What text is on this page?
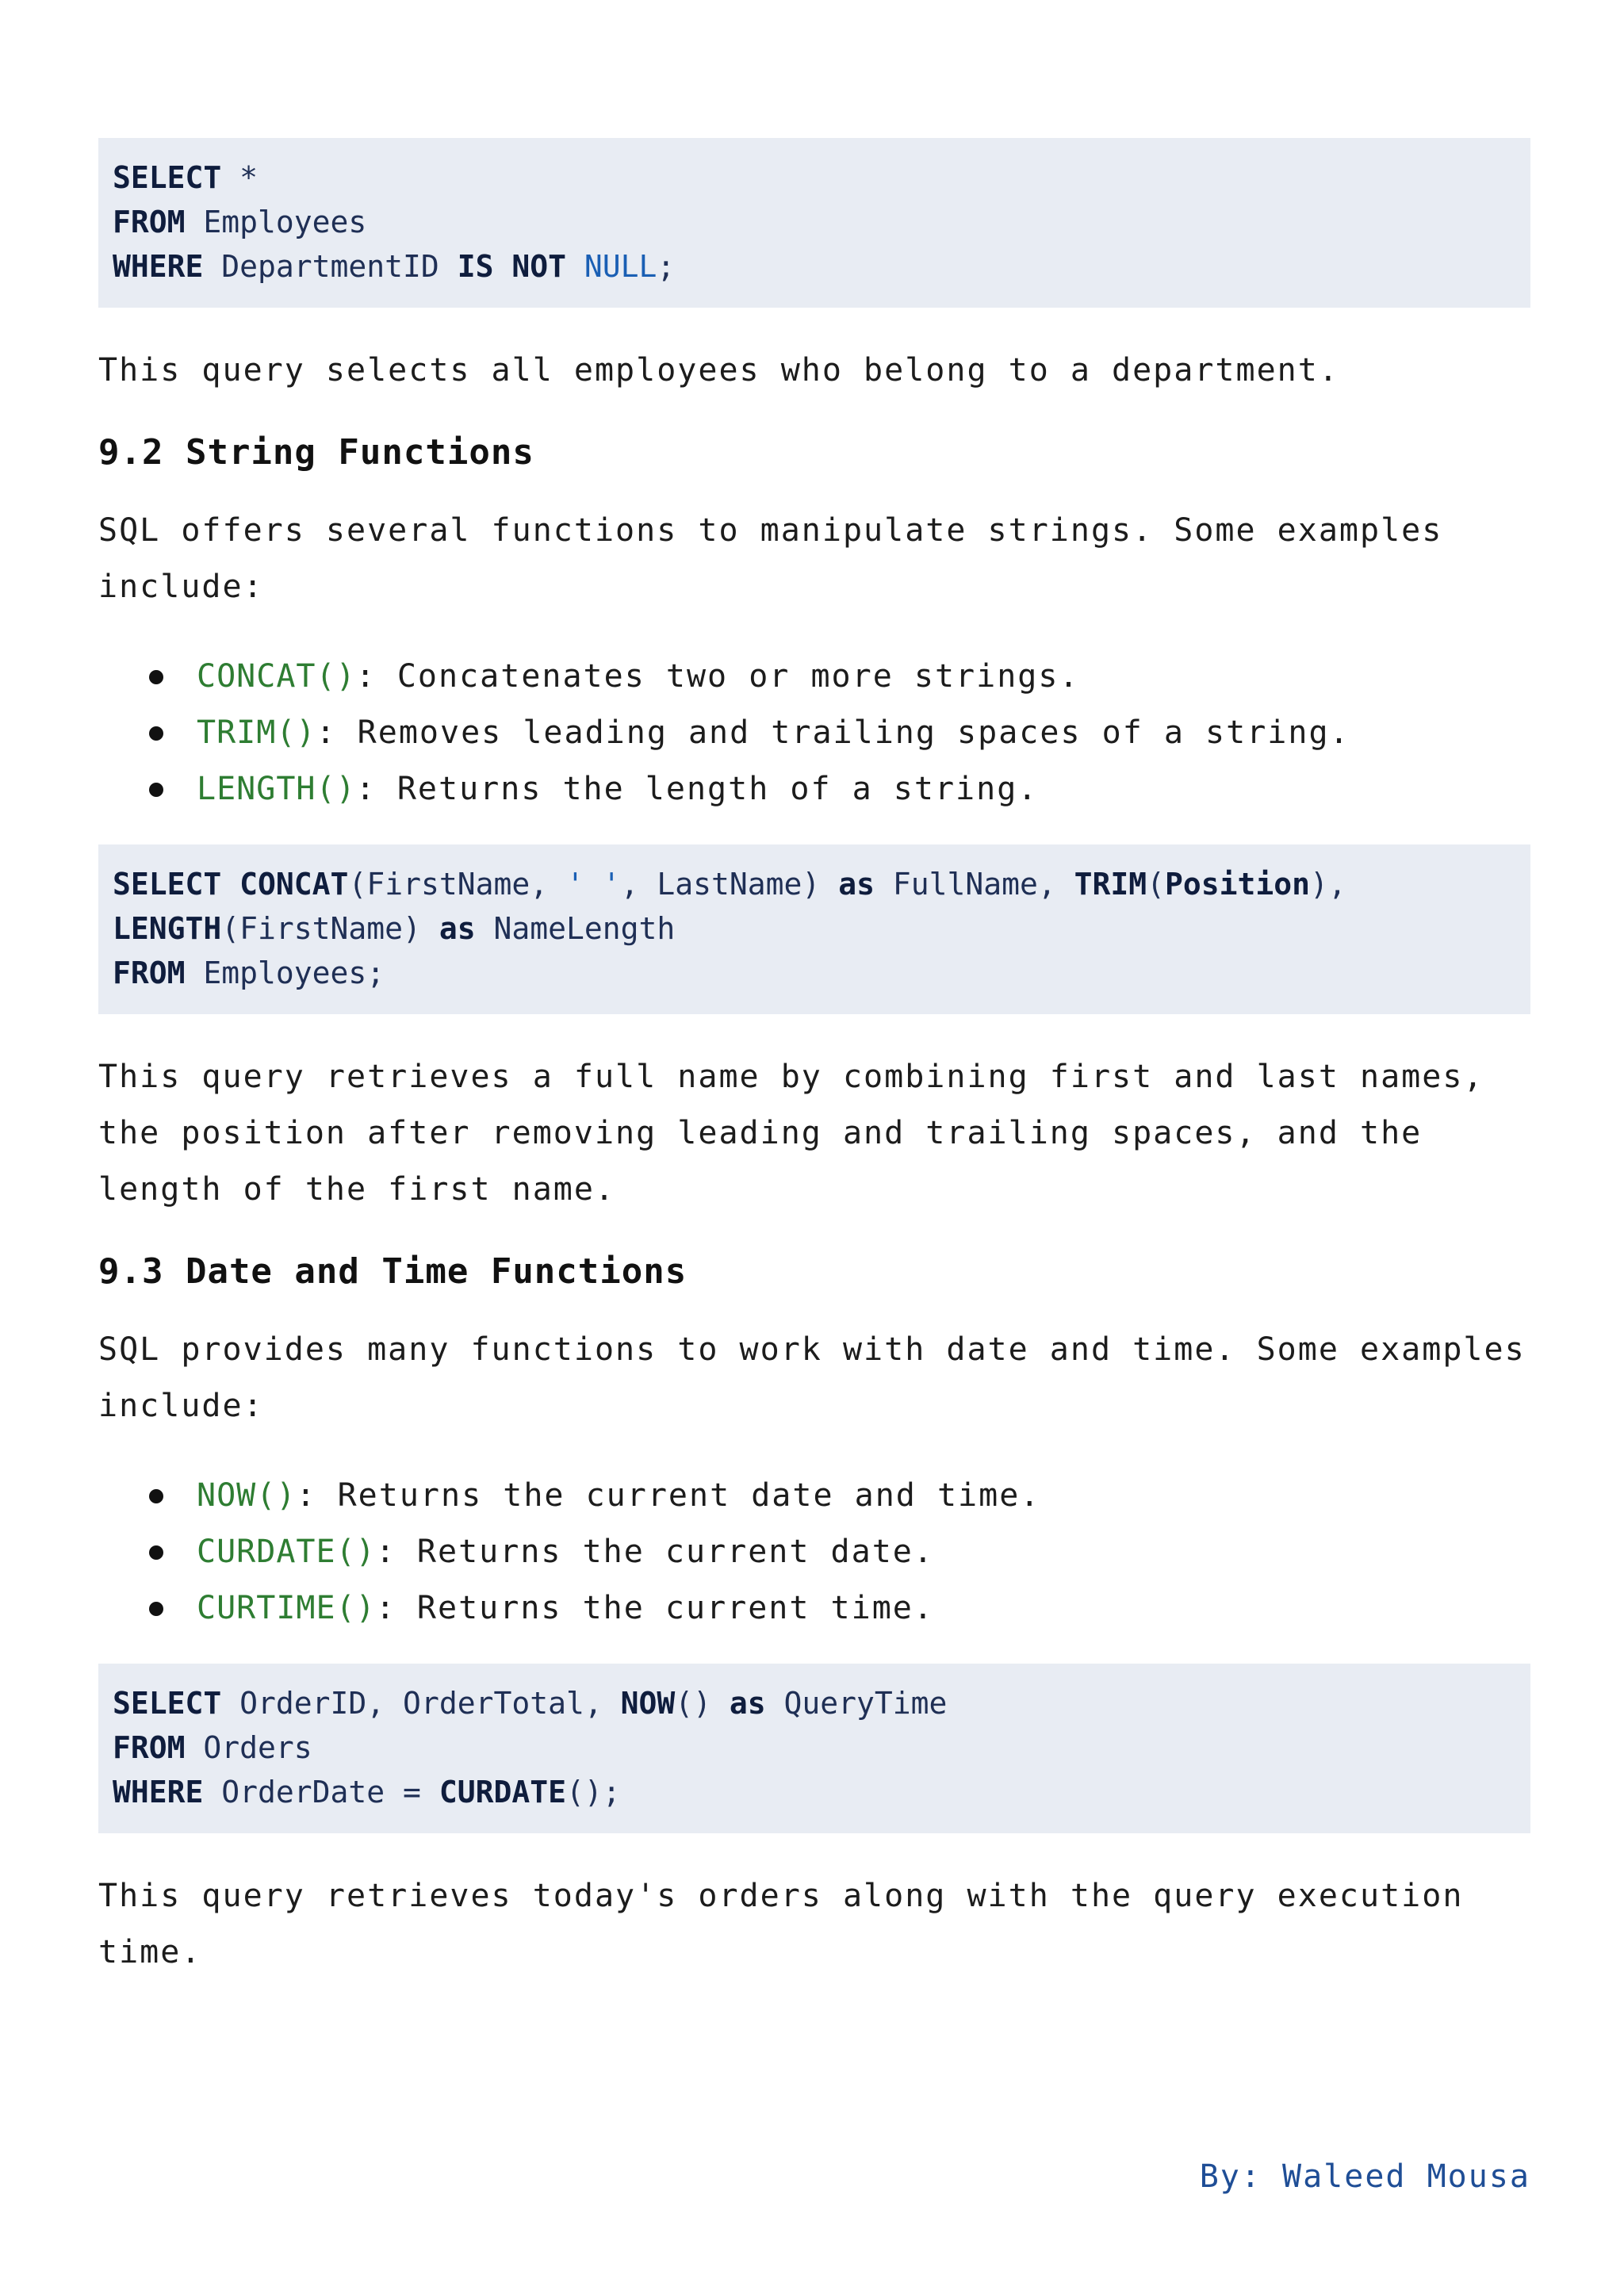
SELECT *
FROM Employees
WHERE DepartmentID IS NOT NULL;

This query selects all employees who belong to a department.

9.2 String Functions

SQL offers several functions to manipulate strings. Some examples include:

CONCAT(): Concatenates two or more strings.
TRIM(): Removes leading and trailing spaces of a string.
LENGTH(): Returns the length of a string.
SELECT CONCAT(FirstName, ' ', LastName) as FullName, TRIM(Position),
LENGTH(FirstName) as NameLength
FROM Employees;

This query retrieves a full name by combining first and last names, the position after removing leading and trailing spaces, and the length of the first name.

9.3 Date and Time Functions

SQL provides many functions to work with date and time. Some examples include:

NOW(): Returns the current date and time.
CURDATE(): Returns the current date.
CURTIME(): Returns the current time.
SELECT OrderID, OrderTotal, NOW() as QueryTime
FROM Orders
WHERE OrderDate = CURDATE();

This query retrieves today's orders along with the query execution time.

By: Waleed Mousa
